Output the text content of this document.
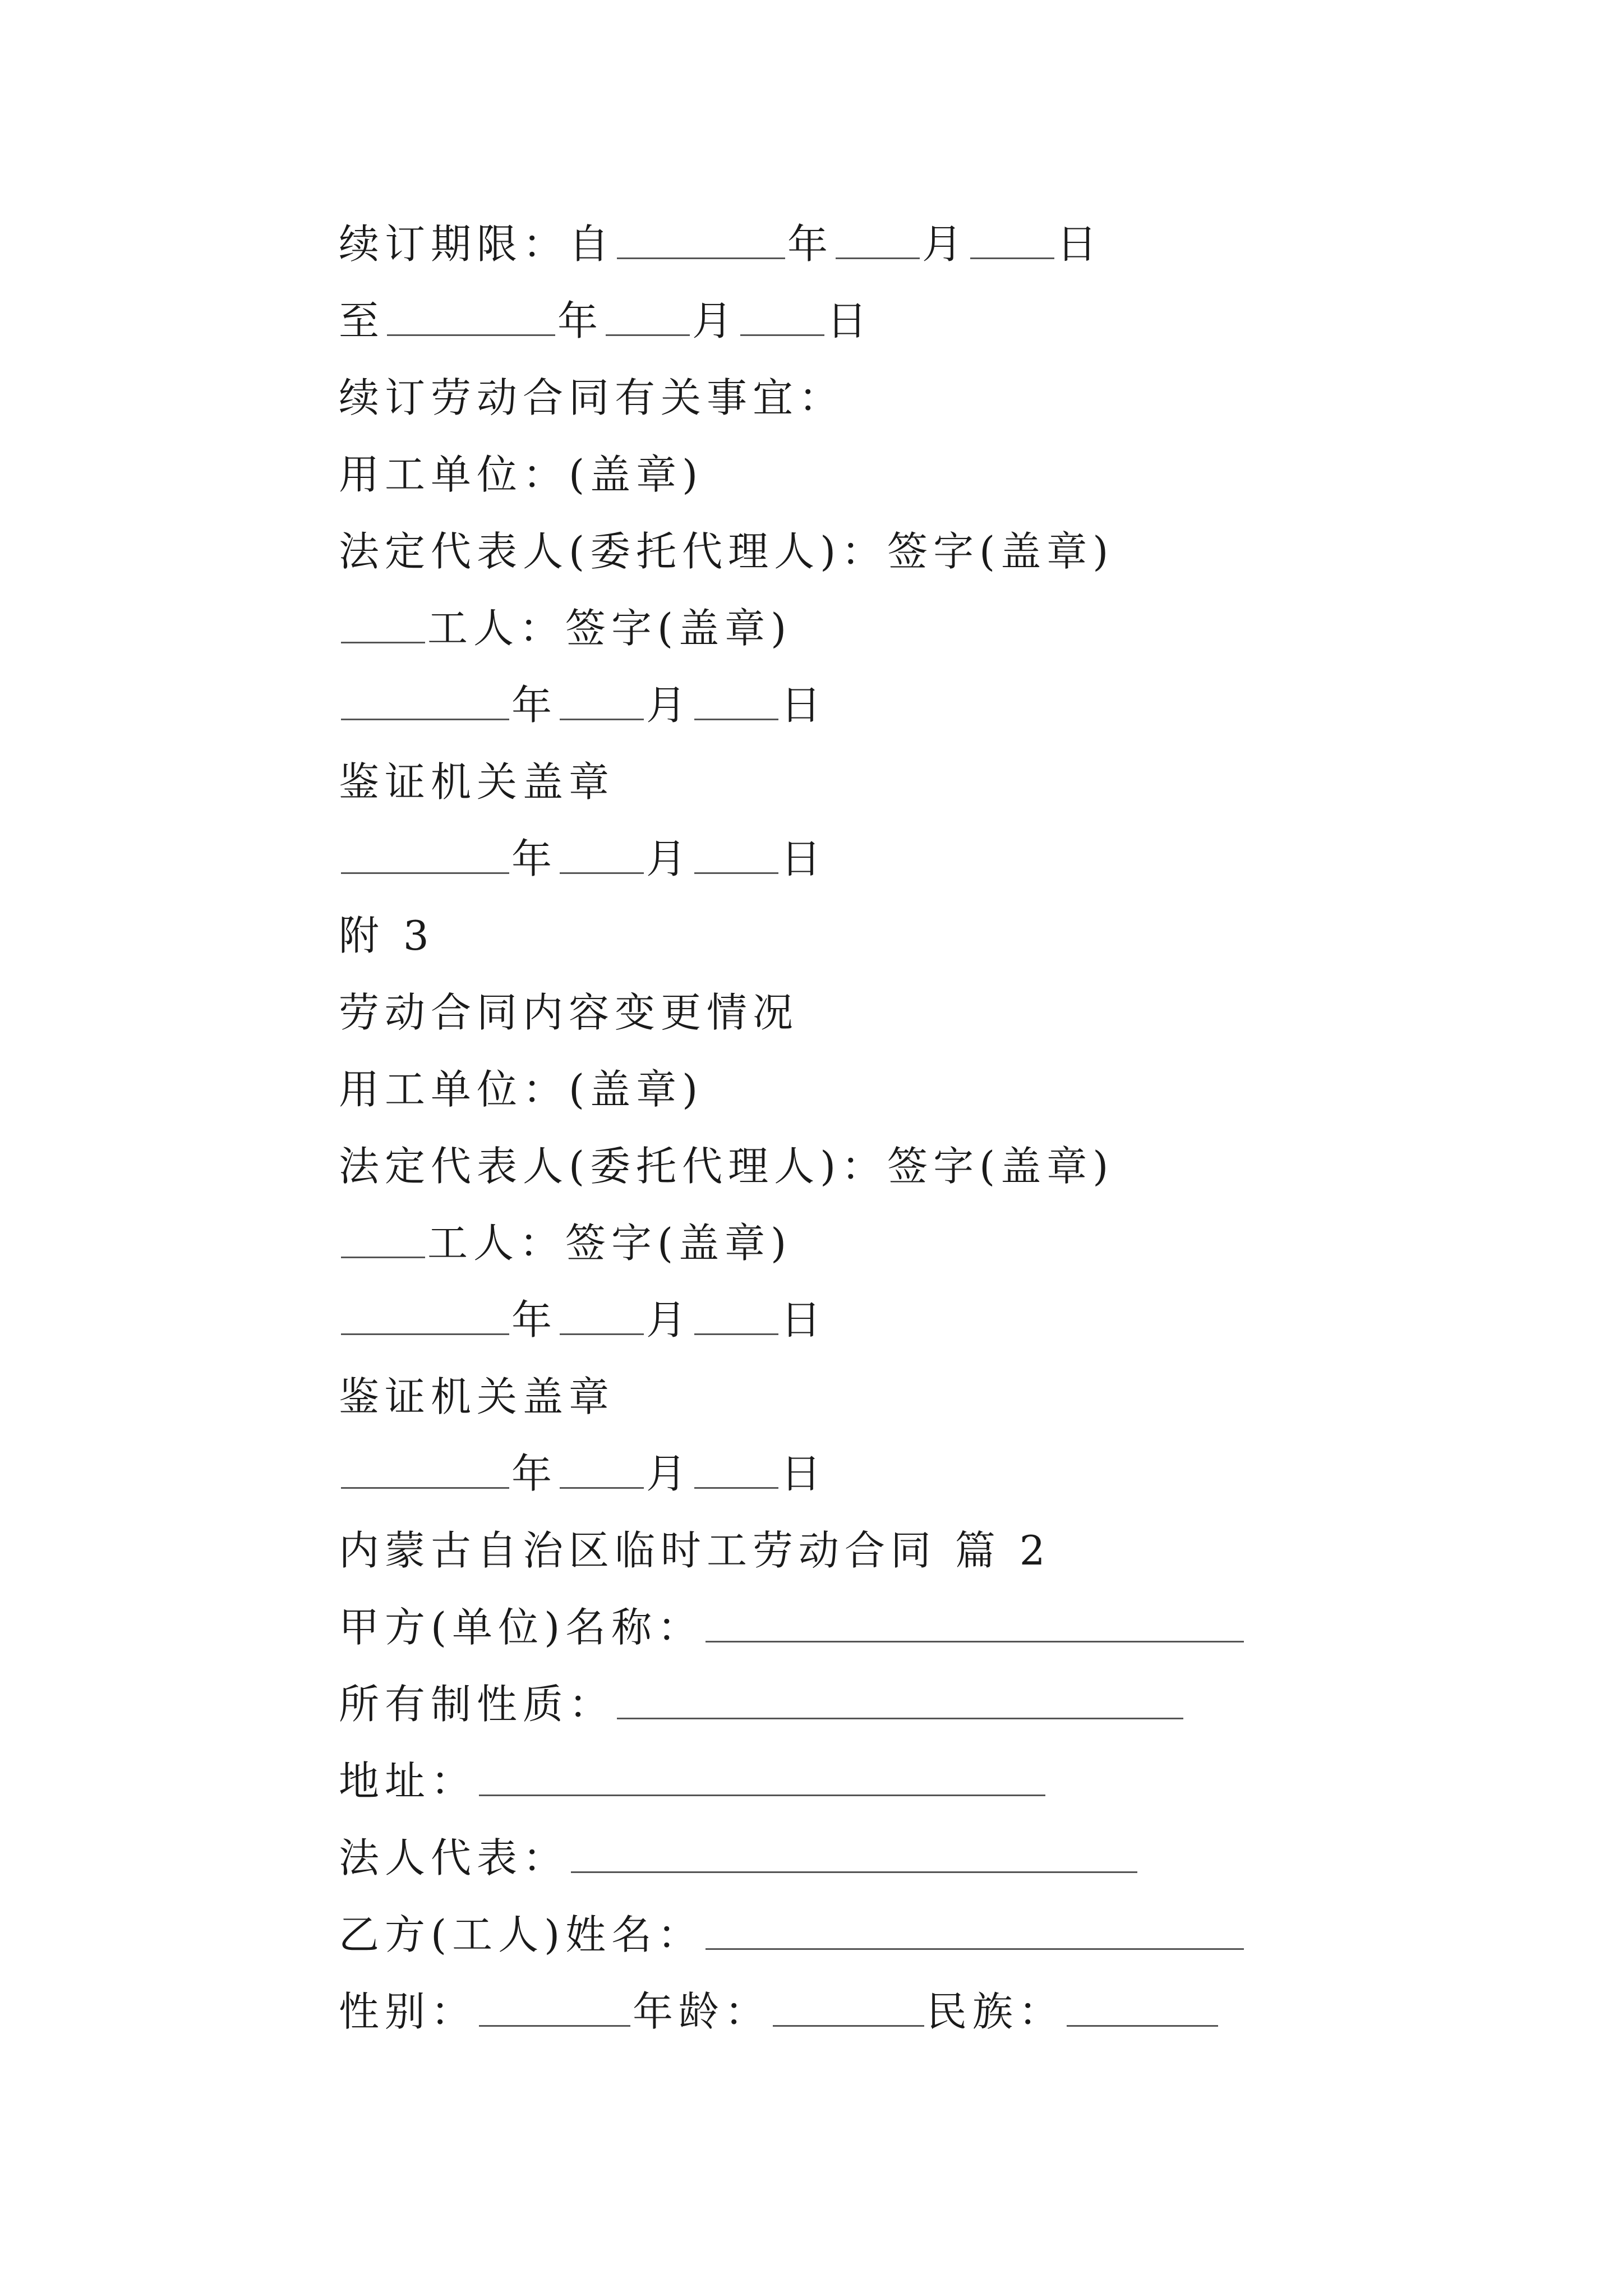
续订期限：自	年 月 日
至	年 月 日
续订劳动合同有关事宜：
用工单位：(盖章)
法定代表人(委托代理人)：签字(盖章)
工人：签字(盖章)
年 月 日
鉴证机关盖章
年 月 日
附 3
劳动合同内容变更情况
用工单位：(盖章)
法定代表人(委托代理人)：签字(盖章)
工人：签字(盖章)
年 月 日
鉴证机关盖章
年 月 日
内蒙古自治区临时工劳动合同 篇 2
甲方(单位)名称：
所有制性质：
地址：
法人代表：
乙方(工人)姓名：
性别：	年龄：	民族：
